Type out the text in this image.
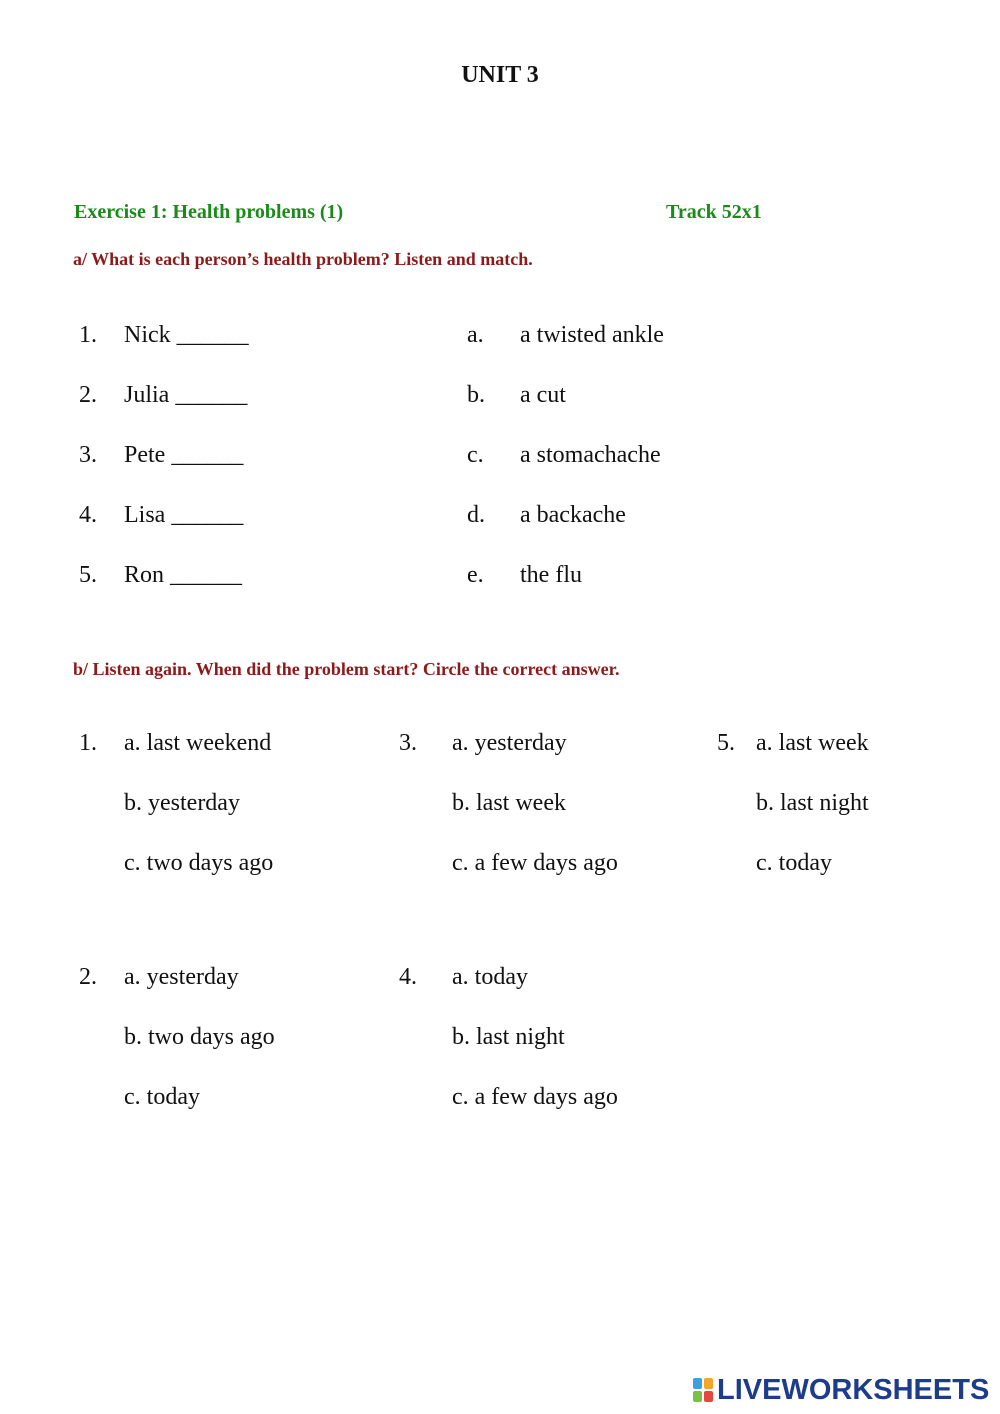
UNIT 3
Exercise 1: Health problems (1)	Track 52x1
a/ What is each person’s health problem? Listen and match.
1. Nick ______
2. Julia ______
3. Pete ______
4. Lisa ______
5. Ron ______
a. a twisted ankle
b. a cut
c. a stomachache
d. a backache
e. the flu
b/ Listen again. When did the problem start? Circle the correct answer.
1. a. last weekend
b. yesterday
c. two days ago
3. a. yesterday
b. last week
c. a few days ago
5. a. last week
b. last night
c. today
2. a. yesterday
b. two days ago
c. today
4. a. today
b. last night
c. a few days ago
LIVEWORKSHEETS
